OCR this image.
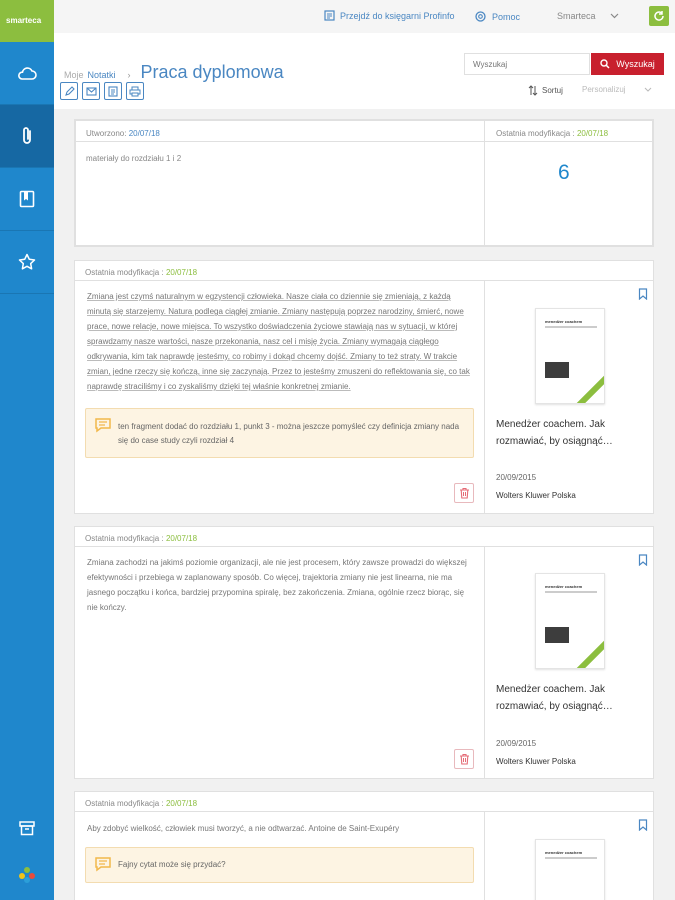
smarteca	Przejdź do księgarni Profinfo	Pomoc	Smarteca
Moje Notatki › Praca dyplomowa
Wyszukaj	Wyszukaj
Sortuj Personalizuj
Utworzono: 20/07/18	Ostatnia modyfikacja : 20/07/18
materiały do rozdziału 1 i 2
6
Ostatnia modyfikacja : 20/07/18
Zmiana jest czymś naturalnym w egzystencji człowieka. Nasze ciała co dziennie się zmieniają, z każdą minutą się starzejemy. Natura podlega ciągłej zmianie. Zmiany następują poprzez narodziny, śmierć, nowe prace, nowe relacje, nowe miejsca. To wszystko doświadczenia życiowe stawiają nas w sytuacji, w której sprawdzamy nasze wartości, nasze przekonania, nasz cel i misję życia. Zmiany wymagają ciągłego odkrywania, kim tak naprawdę jesteśmy, co robimy i dokąd chcemy dojść. Zmiany to też straty. W trakcie zmian, jedne rzeczy się kończą, inne się zaczynają. Przez to jesteśmy zmuszeni do reflektowania się, co tak naprawdę straciliśmy i co zyskaliśmy dzięki tej właśnie konkretnej zmianie.
ten fragment dodać do rozdziału 1, punkt 3 - można jeszcze pomyśleć czy definicja zmiany nada się do case study czyli rozdział 4
menedżer coachem
Menedżer coachem. Jak rozmawiać, by osiągnąć…
20/09/2015
Wolters Kluwer Polska
Ostatnia modyfikacja : 20/07/18
Zmiana zachodzi na jakimś poziomie organizacji, ale nie jest procesem, który zawsze prowadzi do większej efektywności i przebiega w zaplanowany sposób. Co więcej, trajektoria zmiany nie jest linearna, nie ma jasnego początku i końca, bardziej przypomina spiralę, bez zakończenia. Zmiana, ogólnie rzecz biorąc, się nie kończy.
menedżer coachem
Menedżer coachem. Jak rozmawiać, by osiągnąć…
20/09/2015
Wolters Kluwer Polska
Ostatnia modyfikacja : 20/07/18
Aby zdobyć wielkość, człowiek musi tworzyć, a nie odtwarzać. Antoine de Saint-Exupéry
Fajny cytat może się przydać?
menedżer coachem
